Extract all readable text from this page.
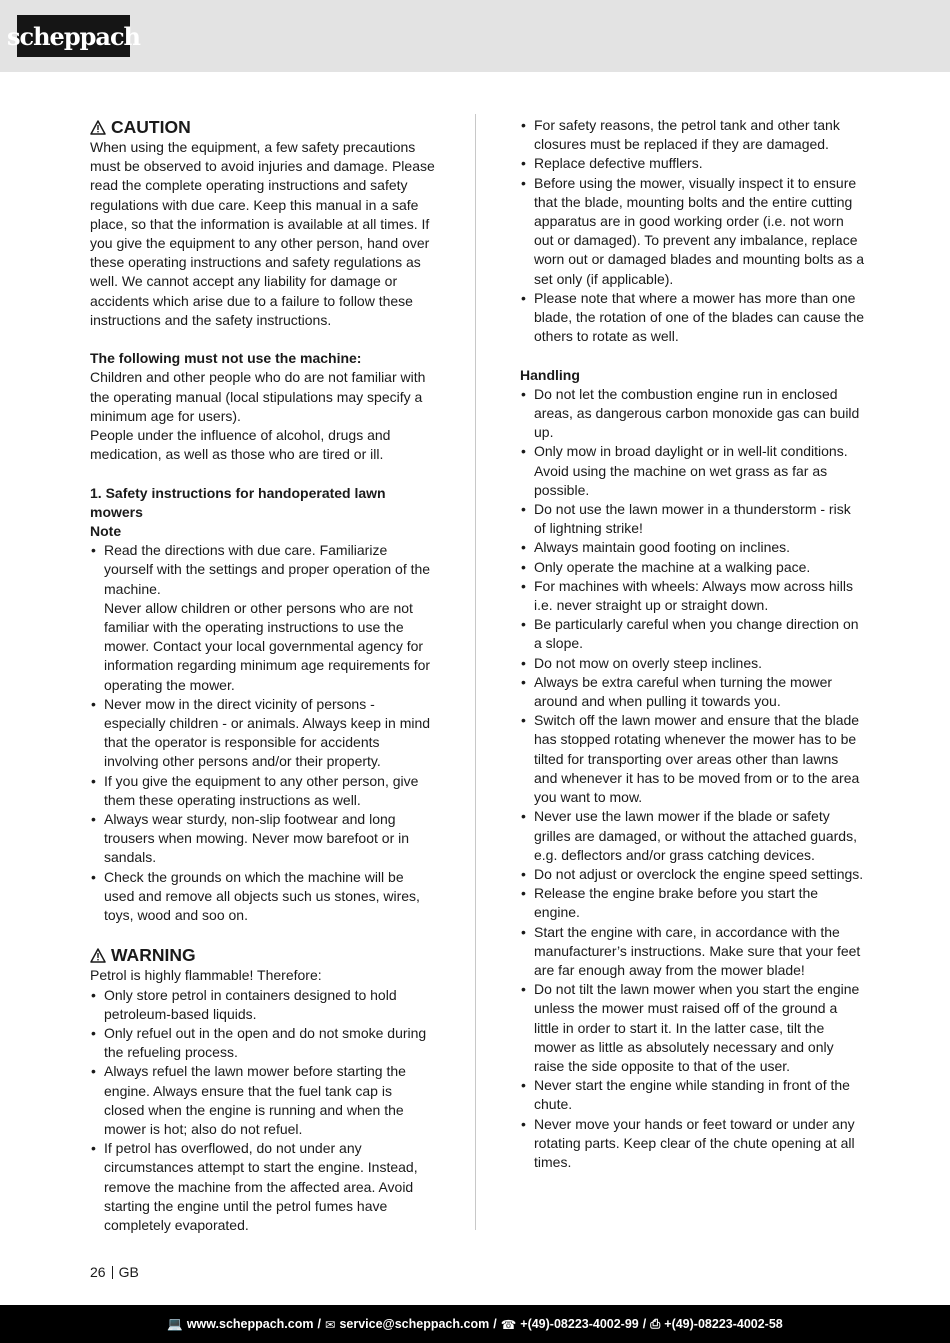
scheppach
CAUTION

When using the equipment, a few safety precautions must be observed to avoid injuries and damage. Please read the complete operating instructions and safety regulations with due care. Keep this manual in a safe place, so that the information is available at all times. If you give the equipment to any other person, hand over these operating instructions and safety regulations as well. We cannot accept any liability for damage or accidents which arise due to a failure to follow these instructions and the safety instructions.

The following must not use the machine:

Children and other people who do are not familiar with the operating manual (local stipulations may specify a minimum age for users).

People under the influence of alcohol, drugs and medication, as well as those who are tired or ill.

1. Safety instructions for handoperated lawn mowers

Note

• Read the directions with due care. Familiarize yourself with the settings and proper operation of the machine.
Never allow children or other persons who are not familiar with the operating instructions to use the mower. Contact your local governmental agency for information regarding minimum age requirements for operating the mower.
• Never mow in the direct vicinity of persons - especially children - or animals. Always keep in mind that the operator is responsible for accidents involving other persons and/or their property.
• If you give the equipment to any other person, give them these operating instructions as well.
• Always wear sturdy, non-slip footwear and long trousers when mowing. Never mow barefoot or in sandals.
• Check the grounds on which the machine will be used and remove all objects such us stones, wires, toys, wood and soo on.
WARNING

Petrol is highly flammable! Therefore:

• Only store petrol in containers designed to hold petroleum-based liquids.
• Only refuel out in the open and do not smoke during the refueling process.
• Always refuel the lawn mower before starting the engine. Always ensure that the fuel tank cap is closed when the engine is running and when the mower is hot; also do not refuel.
• If petrol has overflowed, do not under any circumstances attempt to start the engine. Instead, remove the machine from the affected area. Avoid starting the engine until the petrol fumes have completely evaporated.
• For safety reasons, the petrol tank and other tank closures must be replaced if they are damaged.
• Replace defective mufflers.
• Before using the mower, visually inspect it to ensure that the blade, mounting bolts and the entire cutting apparatus are in good working order (i.e. not worn out or damaged). To prevent any imbalance, replace worn out or damaged blades and mounting bolts as a set only (if applicable).
• Please note that where a mower has more than one blade, the rotation of one of the blades can cause the others to rotate as well.

Handling

• Do not let the combustion engine run in enclosed areas, as dangerous carbon monoxide gas can build up.
• Only mow in broad daylight or in well-lit conditions. Avoid using the machine on wet grass as far as possible.
• Do not use the lawn mower in a thunderstorm - risk of lightning strike!
• Always maintain good footing on inclines.
• Only operate the machine at a walking pace.
• For machines with wheels: Always mow across hills i.e. never straight up or straight down.
• Be particularly careful when you change direction on a slope.
• Do not mow on overly steep inclines.
• Always be extra careful when turning the mower around and when pulling it towards you.
• Switch off the lawn mower and ensure that the blade has stopped rotating whenever the mower has to be tilted for transporting over areas other than lawns and whenever it has to be moved from or to the area you want to mow.
• Never use the lawn mower if the blade or safety grilles are damaged, or without the attached guards, e.g. deflectors and/or grass catching devices.
• Do not adjust or overclock the engine speed settings.
• Release the engine brake before you start the engine.
• Start the engine with care, in accordance with the manufacturer’s instructions. Make sure that your feet are far enough away from the mower blade!
• Do not tilt the lawn mower when you start the engine unless the mower must raised off of the ground a little in order to start it. In the latter case, tilt the mower as little as absolutely necessary and only raise the side opposite to that of the user.
• Never start the engine while standing in front of the chute.
• Never move your hands or feet toward or under any rotating parts. Keep clear of the chute opening at all times.
26 GB
💻 www.scheppach.com / ✉ service@scheppach.com / ☎ +(49)-08223-4002-99 / ⎙ +(49)-08223-4002-58
